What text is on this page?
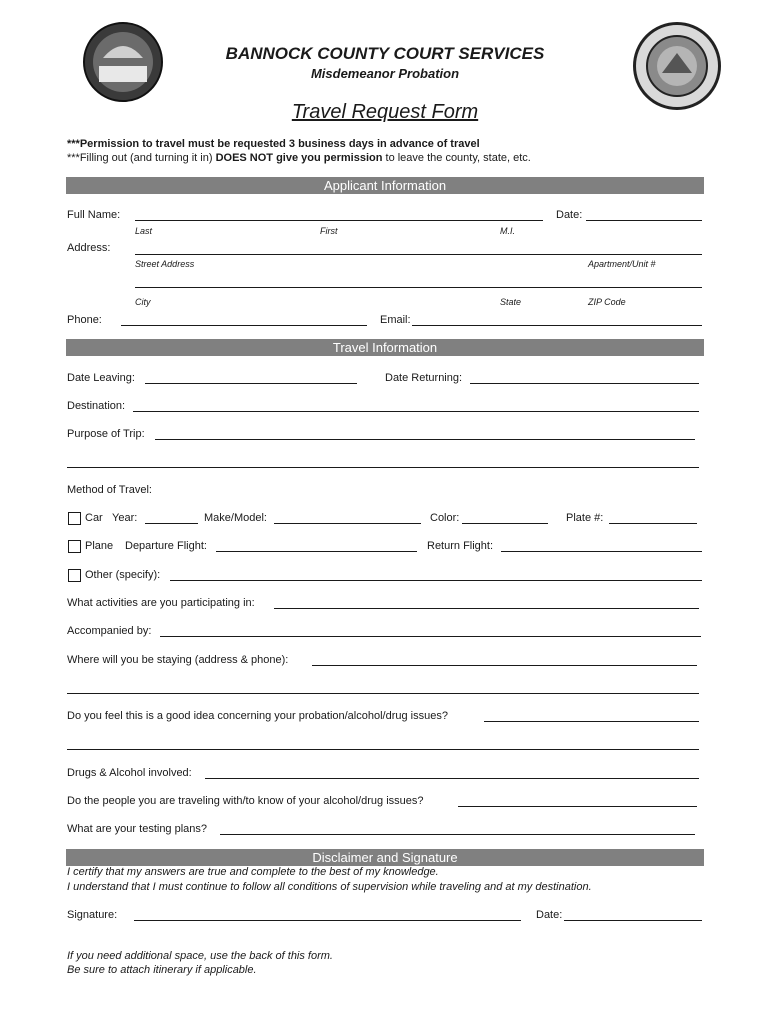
BANNOCK COUNTY COURT SERVICES
Misdemeanor Probation
Travel Request Form
***Permission to travel must be requested 3 business days in advance of travel
***Filling out (and turning it in) DOES NOT give you permission to leave the county, state, etc.
Applicant Information
Full Name:	Date:
Last	First	M.I.
Address:
Street Address	Apartment/Unit #
City	State	ZIP Code
Phone:	Email:
Travel Information
Date Leaving:	Date Returning:
Destination:
Purpose of Trip:
Method of Travel:
Car Year:	Make/Model:	Color:	Plate #:
Plane Departure Flight:	Return Flight:
Other (specify):
What activities are you participating in:
Accompanied by:
Where will you be staying (address & phone):
Do you feel this is a good idea concerning your probation/alcohol/drug issues?
Drugs & Alcohol involved:
Do the people you are traveling with/to know of your alcohol/drug issues?
What are your testing plans?
Disclaimer and Signature
I certify that my answers are true and complete to the best of my knowledge.
I understand that I must continue to follow all conditions of supervision while traveling and at my destination.
Signature:	Date:
If you need additional space, use the back of this form.
Be sure to attach itinerary if applicable.
